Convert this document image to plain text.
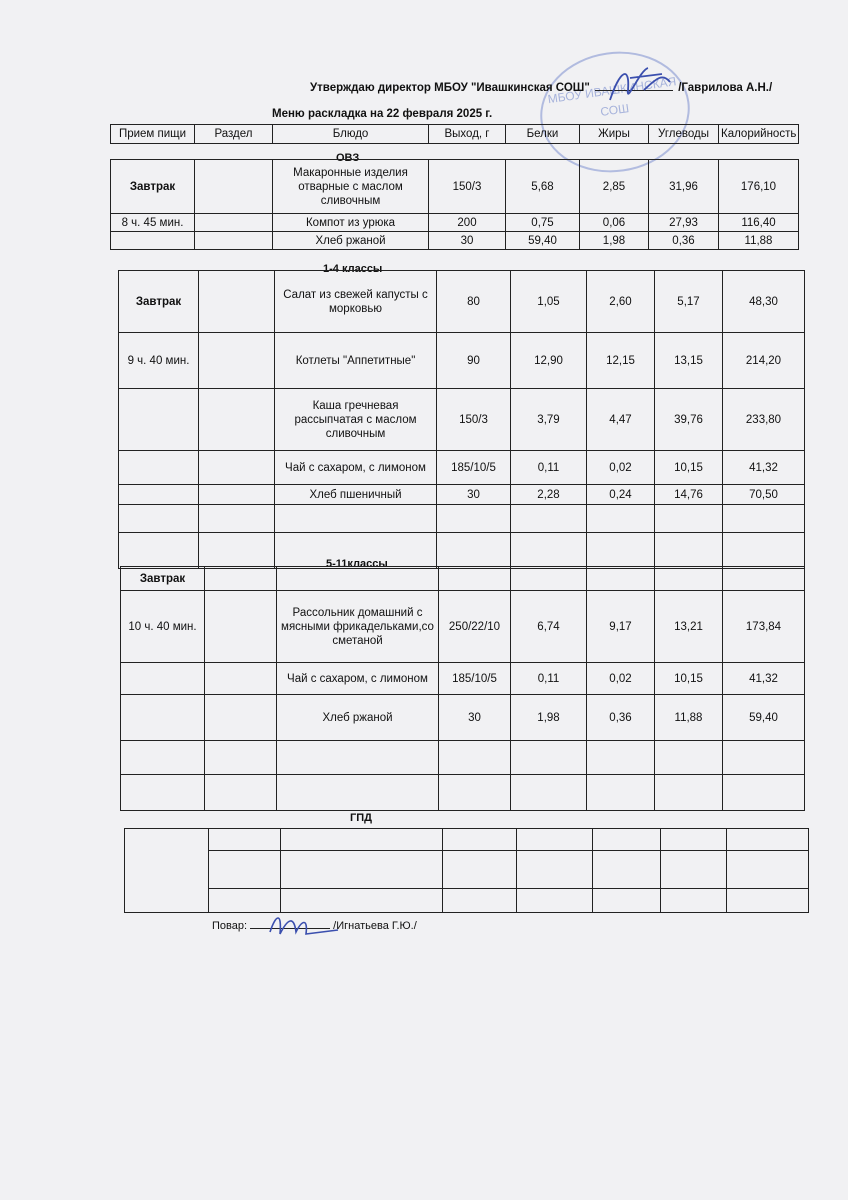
МБОУ ИВАШКИНСКАЯ СОШ
Утверждаю директор МБОУ "Ивашкинская СОШ"	/Гаврилова А.Н./
Меню раскладка на 22 февраля 2025 г.
Прием пищи	Раздел	Блюдо	Выход, г	Белки	Жиры	Углеводы	Калорийность
ОВЗ
Завтрак		Макаронные изделия отварные с маслом сливочным	150/3	5,68	2,85	31,96	176,10
8 ч. 45 мин.		Компот из урюка	200	0,75	0,06	27,93	116,40
		Хлеб ржаной	30	59,40	1,98	0,36	11,88
1-4 классы
Завтрак		Салат из свежей капусты с морковью	80	1,05	2,60	5,17	48,30
9 ч. 40 мин.		Котлеты "Аппетитные"	90	12,90	12,15	13,15	214,20
		Каша гречневая рассыпчатая с маслом сливочным	150/3	3,79	4,47	39,76	233,80
		Чай с сахаром, с лимоном	185/10/5	0,11	0,02	10,15	41,32
		Хлеб пшеничный	30	2,28	0,24	14,76	70,50

5-11классы
Завтрак							
10 ч. 40 мин.		Рассольник домашний с мясными фрикадельками,со сметаной	250/22/10	6,74	9,17	13,21	173,84
		Чай с сахаром, с лимоном	185/10/5	0,11	0,02	10,15	41,32
		Хлеб ржаной	30	1,98	0,36	11,88	59,40

ГПД

Повар:	/Игнатьева Г.Ю./
